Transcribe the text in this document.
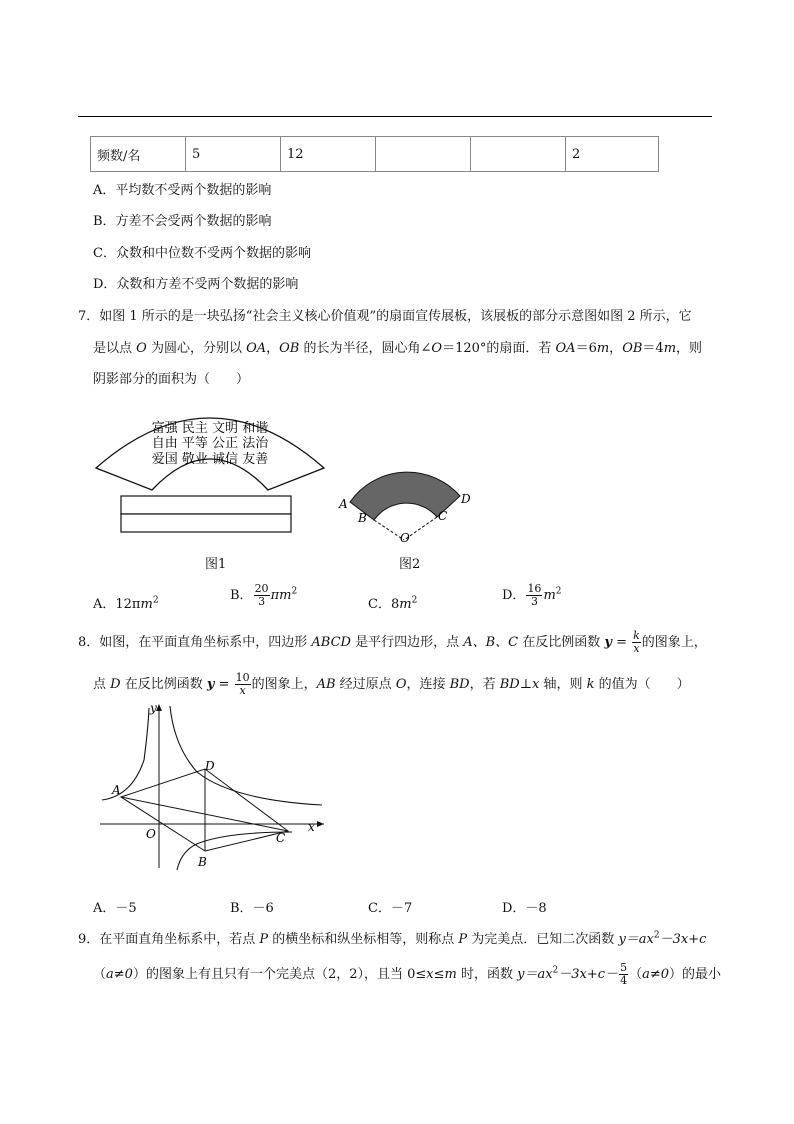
频数/名	5	12			2
A．平均数不受两个数据的影响
B．方差不会受两个数据的影响
C．众数和中位数不受两个数据的影响
D．众数和方差不受两个数据的影响
7．如图 1 所示的是一块弘扬“社会主义核心价值观”的扇面宣传展板，该展板的部分示意图如图 2 所示，它
是以点 O 为圆心，分别以 OA，OB 的长为半径，圆心角∠O＝120°的扇面．若 OA＝6m，OB＝4m，则
阴影部分的面积为（　　）
富强 民主 文明 和谐
自由 平等 公正 法治
爱国 敬业 诚信 友善
图1
A
B	C
D
O
图2
A．$12\pi m^2$	B． $\frac{20}{3} \pi m^2$
C．$8m^2$	D． $\frac{16}{3} m^2$
8．如图，在平面直角坐标系中，四边形 ABCD 是平行四边形，点 A、B、C 在反比例函数 $y = \frac{k}{x}$ 的图象上，
点 D 在反比例函数 $y = \frac{10}{x}$ 的图象上，AB 经过原点 O，连接 BD，若 BD⊥x 轴，则 k 的值为（　　）
y
x
O
A
D
C
B
A．－5	B．－6	C．－7	D．－8
9．在平面直角坐标系中，若点 P 的横坐标和纵坐标相等，则称点 P 为完美点．已知二次函数 $y=ax^2-3x+c$
（a≠0）的图象上有且只有一个完美点（2，2），且当 0≤x≤m 时，函数 $y=ax^2-3x+c- \frac{5}{4} (a\ne 0)$的最小
